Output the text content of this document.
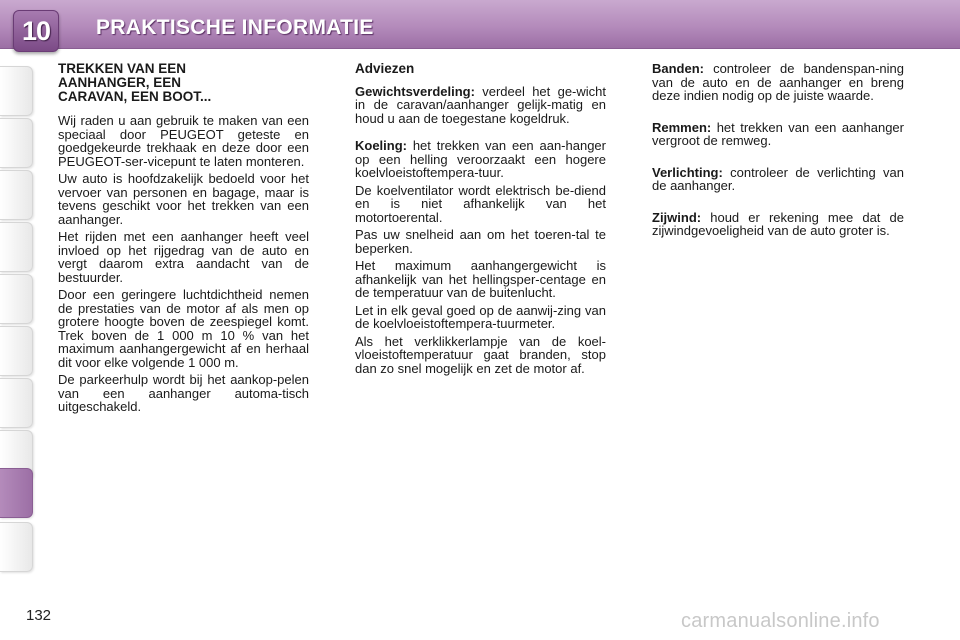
10	PRAKTISCHE INFORMATIE
TREKKEN VAN EEN
AANHANGER, EEN
CARAVAN, EEN BOOT...

Wij raden u aan gebruik te maken van een speciaal door PEUGEOT geteste en goedgekeurde trekhaak en deze door een PEUGEOT-ser-vicepunt te laten monteren.

Uw auto is hoofdzakelijk bedoeld voor het vervoer van personen en bagage, maar is tevens geschikt voor het trekken van een aanhanger.

Het rijden met een aanhanger heeft veel invloed op het rijgedrag van de auto en vergt daarom extra aandacht van de bestuurder.

Door een geringere luchtdichtheid nemen de prestaties van de motor af als men op grotere hoogte boven de zeespiegel komt. Trek boven de 1 000 m 10 % van het maximum aanhangergewicht af en herhaal dit voor elke volgende 1 000 m.

De parkeerhulp wordt bij het aankop-pelen van een aanhanger automa-tisch uitgeschakeld.

Adviezen

Gewichtsverdeling: verdeel het ge-wicht in de caravan/aanhanger gelijk-matig en houd u aan de toegestane kogeldruk.

Koeling: het trekken van een aan-hanger op een helling veroorzaakt een hogere koelvloeistoftempera-tuur.

De koelventilator wordt elektrisch be-diend en is niet afhankelijk van het motortoerental.

Pas uw snelheid aan om het toeren-tal te beperken.

Het maximum aanhangergewicht is afhankelijk van het hellingsper-centage en de temperatuur van de buitenlucht.

Let in elk geval goed op de aanwij-zing van de koelvloeistoftempera-tuurmeter.

Als het verklikkerlampje van de koel-vloeistoftemperatuur gaat branden, stop dan zo snel mogelijk en zet de motor af.

Banden: controleer de bandenspan-ning van de auto en de aanhanger en breng deze indien nodig op de juiste waarde.

Remmen: het trekken van een aanhanger vergroot de remweg.

Verlichting: controleer de verlichting van de aanhanger.

Zijwind: houd er rekening mee dat de zijwindgevoeligheid van de auto groter is.

132	carmanualsonline.info
